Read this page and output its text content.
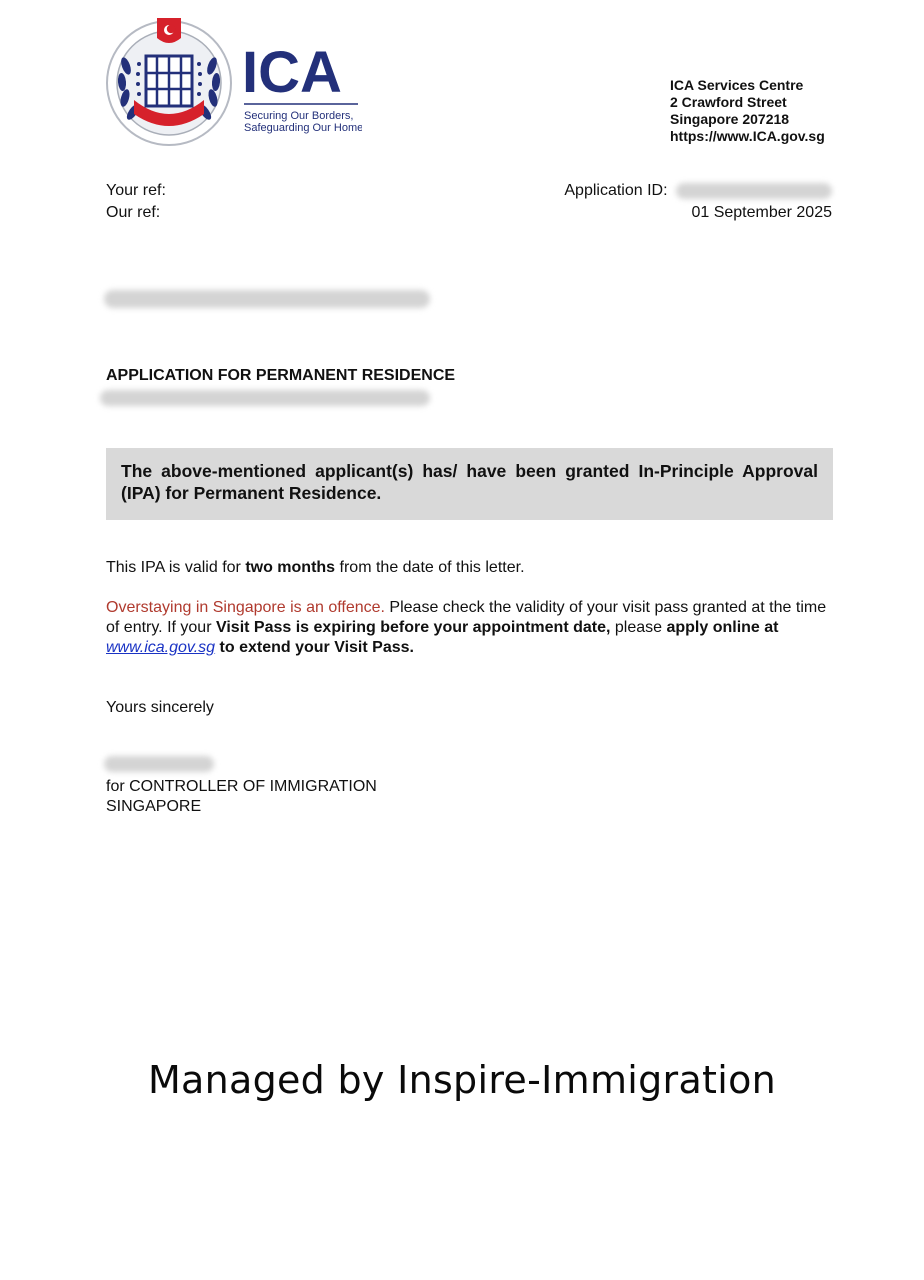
ICA
Securing Our Borders,
Safeguarding Our Home
ICA Services Centre
2 Crawford Street
Singapore 207218
https://www.ICA.gov.sg
Your ref:
Our ref:
Application ID:
01 September 2025
APPLICATION FOR PERMANENT RESIDENCE
The above-mentioned applicant(s) has/ have been granted In-Principle Approval (IPA) for Permanent Residence.
This IPA is valid for two months from the date of this letter.
Overstaying in Singapore is an offence. Please check the validity of your visit pass granted at the time of entry. If your Visit Pass is expiring before your appointment date, please apply online at www.ica.gov.sg to extend your Visit Pass.
Yours sincerely
for CONTROLLER OF IMMIGRATION
SINGAPORE
Managed by Inspire-Immigration
